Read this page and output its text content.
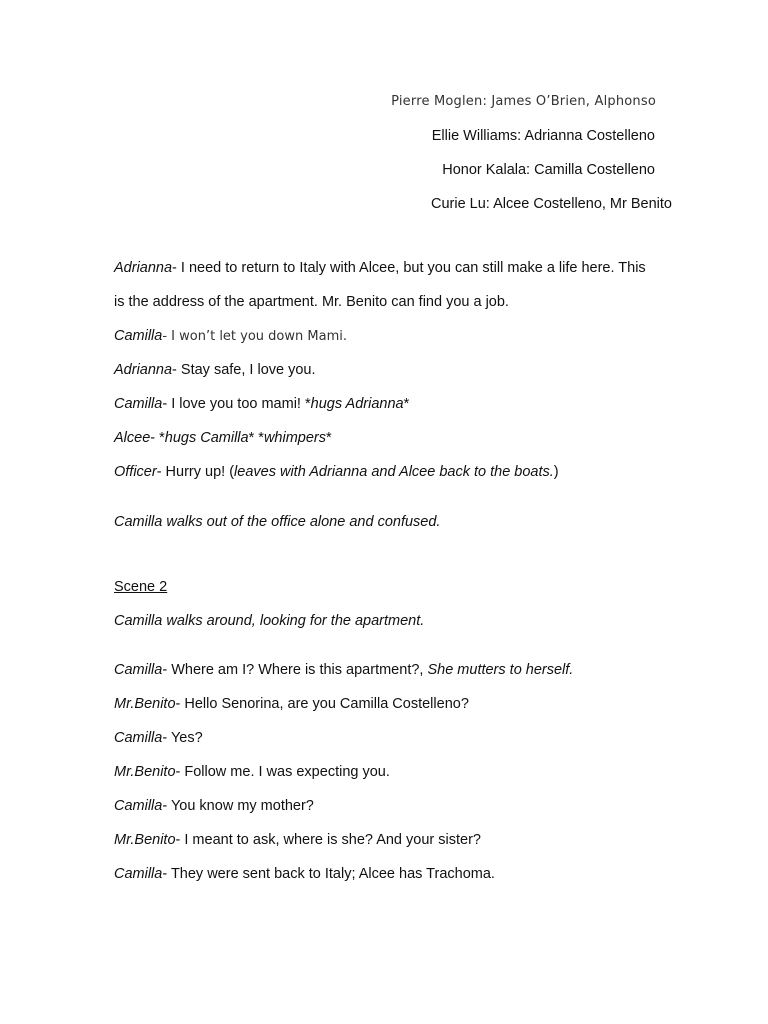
Pierre Moglen: James O’Brien, Alphonso
Ellie Williams: Adrianna Costelleno
Honor Kalala: Camilla Costelleno
Curie Lu: Alcee Costelleno, Mr Benito
Adrianna- I need to return to Italy with Alcee, but you can still make a life here. This
is the address of the apartment. Mr. Benito can find you a job.
Camilla- I won’t let you down Mami.
Adrianna- Stay safe, I love you.
Camilla- I love you too mami! *hugs Adrianna*
Alcee- *hugs Camilla* *whimpers*
Officer- Hurry up! (leaves with Adrianna and Alcee back to the boats.)
Camilla walks out of the office alone and confused.
Scene 2
Camilla walks around, looking for the apartment.
Camilla- Where am I? Where is this apartment?, She mutters to herself.
Mr.Benito- Hello Senorina, are you Camilla Costelleno?
Camilla- Yes?
Mr.Benito- Follow me. I was expecting you.
Camilla- You know my mother?
Mr.Benito- I meant to ask, where is she? And your sister?
Camilla- They were sent back to Italy; Alcee has Trachoma.
